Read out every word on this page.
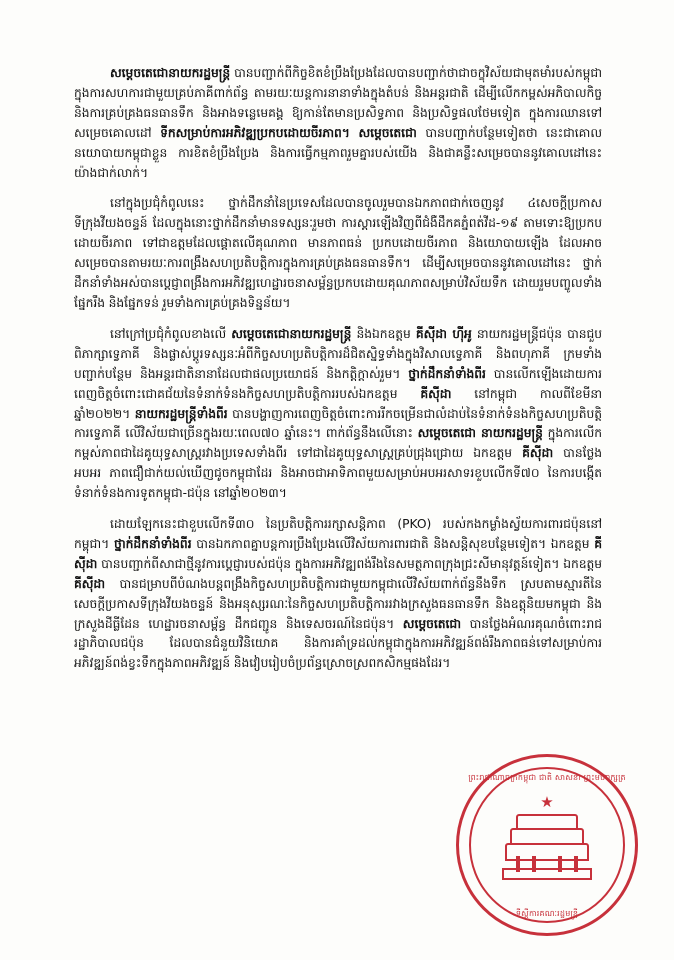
សម្តេចតេជោនាយករដ្ឋមន្ត្រី បានបញ្ជាក់ពីកិច្ចខិតខំប្រឹងប្រែងដែលបានបញ្ជាក់ថាជាចក្ខុវិស័យជាមុតមាំរបស់កម្ពុជា ក្នុងការសហការជាមួយគ្រប់ភាគីពាក់ព័ន្ធ តាមរយៈយន្តការនានាទាំងក្នុងតំបន់ និងអន្តរជាតិ ដើម្បីលើកកម្ពស់អភិបាលកិច្ច និងការគ្រប់គ្រងធនធានទឹក និងអាងទន្លេមេគង្គ ឱ្យកាន់តែមានប្រសិទ្ធភាព និងប្រសិទ្ធផលថែមទៀត ក្នុងការឈានទៅសម្រេចគោលដៅ ទីកសម្រាប់ការអភិវឌ្ឍប្រកបដោយចីរភាព។ សម្តេចតេជោ បានបញ្ជាក់បន្ថែមទៀតថា នេះជាគោលនយោបាយកម្ពុជាខ្លួន ការខិតខំប្រឹងប្រែង និងការធ្វើកម្មភាពរួមគ្នារបស់យើង និងជាគន្លឹះសម្រេចបាននូវគោលដៅនេះយ៉ាងជាក់លាក់។

នៅក្នុងប្រជុំកំពូលនេះ ថ្នាក់ដឹកនាំនៃប្រទេសដែលបានចូលរួមបានឯកភាពជាក់ចេញនូវ ៤សេចក្តីប្រកាសទីក្រុងវីយងចន្ទន៍ ដែលក្នុងនោះថ្នាក់ដឹកនាំមានទស្សនៈរួមថា ការស្តារឡើងវិញពីជំងឺដឹកគភ្នំពត់វីដ-១៩ តាមទោះឱ្យប្រកបដោយចីរភាព ទៅជាឧត្តមដែលផ្តោតលើគុណភាព មានភាពធន់ ប្រកបដោយចីរភាព និងយោបាយឡើង ដែលអាចសម្រេចបានតាមរយៈការពង្រឹងសហប្រតិបត្តិការក្នុងការគ្រប់គ្រងធនធានទឹក។ ដើម្បីសម្រេចបាននូវគោលដៅនេះ ថ្នាក់ដឹកនាំទាំងអស់បានប្តេជ្ញាពង្រឹងការអភិវឌ្ឍហេដ្ឋារចនាសម្ព័ន្ធប្រកបដោយគុណភាពសម្រាប់វិស័យទឹក ដោយរួមបញ្ចូលទាំងផ្នែករឹង និងផ្នែកទន់ រួមទាំងការគ្រប់គ្រងទិន្នន័យ។

នៅក្រៅប្រជុំកំពូលខាងលើ សម្តេចតេជោនាយករដ្ឋមន្ត្រី និងឯកឧត្តម គីស៊ីដា ហ៊ីអូ នាយករដ្ឋមន្ត្រីជប៉ុន បានជួបពិភាក្សាទ្វេភាគី និងផ្លាស់ប្តូរទស្សនៈអំពីកិច្ចសហប្រតិបត្តិការដ៏ជិតស្និទ្ធទាំងក្នុងវិសាលទ្វេភាគី និងពហុភាគី ក្រមទាំងបញ្ជាក់បន្ថែម និងអន្តរជាតិនានាដែលជាផលប្រយោជន៍ និងកត្តិក្តាស់រួម។ ថ្នាក់ដឹកនាំទាំងពីរ បានលើកឡើងដោយការពេញចិត្តចំពោះជោគជ័យនៃទំនាក់ទំនងកិច្ចសហប្រតិបត្តិការរបស់ឯកឧត្តម គីស៊ីដា នៅកម្ពុជា កាលពីខែមីនា ឆ្នាំ២០២២។ នាយករដ្ឋមន្ត្រីទាំងពីរ បានបង្ហាញការពេញចិត្តចំពោះការរីកចម្រើនជាលំដាប់នៃទំនាក់ទំនងកិច្ចសហប្រតិបត្តិការទ្វេភាគី លើវិស័យជាច្រើនក្នុងរយៈពេល៧០ ឆ្នាំនេះ។ ពាក់ព័ន្ធនឹងលើនោះ សម្តេចតេជោ នាយករដ្ឋមន្ត្រី ក្នុងការលើកកម្ពស់ភាពជាដៃគូយុទ្ធសាស្ត្ររវាងប្រទេសទាំងពីរ ទៅជាដៃគូយុទ្ធសាស្ត្រគ្រប់ជ្រុងជ្រោយ ឯកឧត្តម គីស៊ីដា បានថ្លែងអបអរ ភាពជឿជាក់យល់ឃើញជូចកម្ពុជាដែរ និងអាចជាអាទិភាពមួយសម្រាប់អបអរសាទរខួបលើកទី៧០ នៃការបង្កើតទំនាក់ទំនងការទូតកម្ពុជា-ជប៉ុន នៅឆ្នាំ២០២៣។

ដោយឡែកនេះជាខួបលើកទី៣០ នៃប្រតិបត្តិការរក្សាសន្តិភាព (PKO) របស់កងកម្លាំងស្វ័យការពារជប៉ុននៅកម្ពុជា។ ថ្នាក់ដឹកនាំទាំងពីរ បានឯកភាពគ្នាបន្តការប្រឹងប្រែងលើវិស័យការពារជាតិ និងសន្តិសុខបន្ថែមទៀត។ ឯកឧត្តម គីស៊ីដា បានបញ្ជាក់ពីសាជាថ្មីនូវការប្តេជ្ញារបស់ជប៉ុន ក្នុងការអភិវឌ្ឍពង់រឹងនៃសមត្ថភាពក្រុងជ្រះសីមានុវត្តន៍ទៀត។ ឯកឧត្តម គីស៊ីដា បានជម្រាបពីបំណងបន្តពង្រឹងកិច្ចសហប្រតិបត្តិការជាមួយកម្ពុជាលើវិស័យពាក់ព័ន្ធនឹងទឹក ស្របតាមស្មារតីនៃសេចក្តីប្រកាសទីក្រុងវីយងចន្ទន៍ និងអនុស្សរណៈនៃកិច្ចសហប្រតិបត្តិការរវាងក្រសួងធនធានទឹក និងឧត្តុនិយមកម្ពុជា និងក្រសួងដីធ្លីដែន ហេដ្ឋារចនាសម្ព័ន្ធ ដឹកជញ្ជូន និងទេសចរណ៍នៃជប៉ុន។ សម្តេចតេជោ បានថ្លែងអំណរគុណចំពោះរាជរដ្ឋាភិបាលជប៉ុន ដែលបានជំនួយវិនិយោគ និងការគាំទ្រដល់កម្ពុជាក្នុងការអភិវឌ្ឍន៍ពង់រឹងភាពធន់ទៅសម្រាប់ការអភិវឌ្ឍន៍ពង់ខ្វះទឹកក្នុងភាពអភិវឌ្ឍន៍ និងវៀបរៀបចំប្រព័ន្ធស្រោចស្រពកសិកម្មផងដែរ។

ព្រះរាជាណាចក្រកម្ពុជា ជាតិ សាសនា ព្រះមហាក្សត្រ
ទីស្តីការគណៈរដ្ឋមន្ត្រី
★
